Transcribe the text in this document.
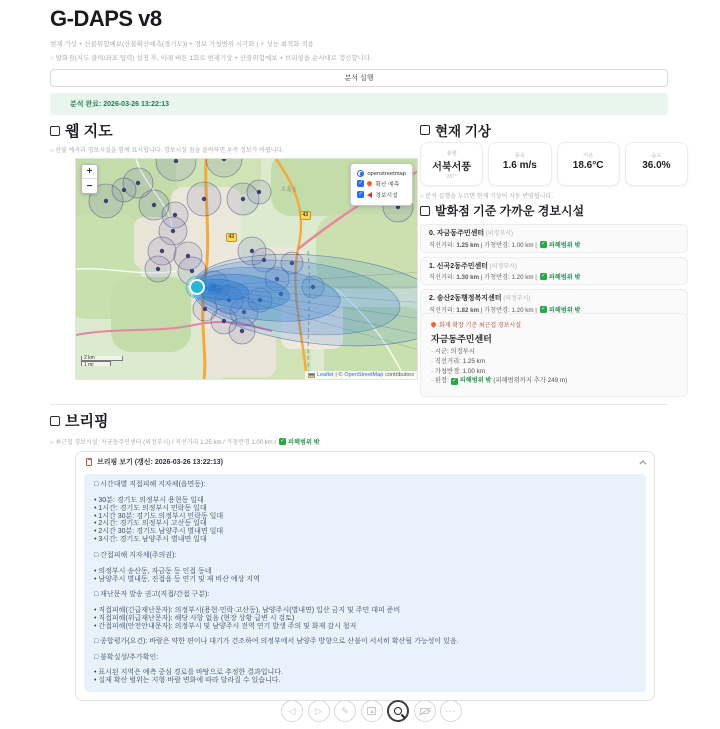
G-DAPS v8
현재 기상 + 산불위험예보(산불확산예측(경기도)) + 경보 가청범위 시각화 | ⚡ 성능 최적화 적용
○ 발화점(지도 클릭/좌표 입력) 설정 후, 아래 버튼 1회로 현재기상 + 산불위험예보 + 브리핑을 순서대로 갱신합니다.
분석 실행
분석 완료: 2026-03-26 13:22:13
웹 지도
○ 산불 예측과 경보시설을 함께 표시합니다. 경보시설 점을 클릭하면 우측 정보가 바뀝니다.
+
−
openstreetmap
✓ 확산 예측
✓ 경보시설
43
43
소흘읍
2 km
1 mi
Leaflet | © OpenStreetMap contributors
현재 기상
풍향
서북서풍
287°
풍속
1.6 m/s
기온
18.6°C
습도
36.0%
○ 분석 실행을 누르면 현재 기상이 자동 반영됩니다.
발화점 기준 가까운 경보시설
0. 자금동주민센터 (의정부시)
직선거리: 1.25 km | 가청반경: 1.00 km | ✓ 피해범위 밖
1. 신곡2동주민센터 (의정부시)
직선거리: 1.30 km | 가청반경: 1.20 km | ✓ 피해범위 밖
2. 송산2동행정복지센터 (의정부시)
직선거리: 1.82 km | 가청반경: 1.20 km | ✓ 피해범위 밖
화재 확장 기준 최근접 경보시설
자금동주민센터
· 시군: 의정부시
· 직선거리: 1.25 km
· 가청반경: 1.00 km
· 판정: ✓ 피해범위 밖 (피해범위까지 추가 249 m)
브리핑
○ 최근접 경보시설: 자금동주민센터 (의정부시) / 직선거리 1.25 km / 가청반경 1.00 km / ✓ 피해범위 밖
브리핑 보기 (갱신: 2026-03-26 13:22:13)
□ 시간대별 직접피해 지자체(읍면동):
• 30분: 경기도 의정부시 용현동 일대
• 1시간: 경기도 의정부시 민락동 일대
• 1시간 30분: 경기도 의정부시 민락동 일대
• 2시간: 경기도 의정부시 고산동 일대
• 2시간 30분: 경기도 남양주시 별내면 일대
• 3시간: 경기도 남양주시 별내면 일대
□ 간접피해 지자체(주의권):
• 의정부시 송산동, 자금동 등 인접 동네
• 남양주시 별내동, 진접읍 등 연기 및 재 비산 예상 지역
□ 재난문자 발송 권고(직접/간접 구분):
• 직접피해(긴급재난문자): 의정부시(용현·민락·고산동), 남양주시(별내면) 입산 금지 및 주민 대피 준비
• 직접피해(위급재난문자): 해당 사항 없음 (현장 상황 급변 시 검토)
• 간접피해(안전안내문자): 의정부시 및 남양주시 전역 연기 발생 주의 및 화재 감시 철저
□ 종합평가(요건): 바람은 약한 편이나 대기가 건조하여 의정부에서 남양주 방향으로 산불이 서서히 확산될 가능성이 있음.
□ 불확실성/추가확인:
• 표시된 지역은 예측 중심 경로를 바탕으로 추정한 결과입니다.
• 실제 확산 범위는 지형·바람 변화에 따라 달라질 수 있습니다.
◁	▷	✎	···
